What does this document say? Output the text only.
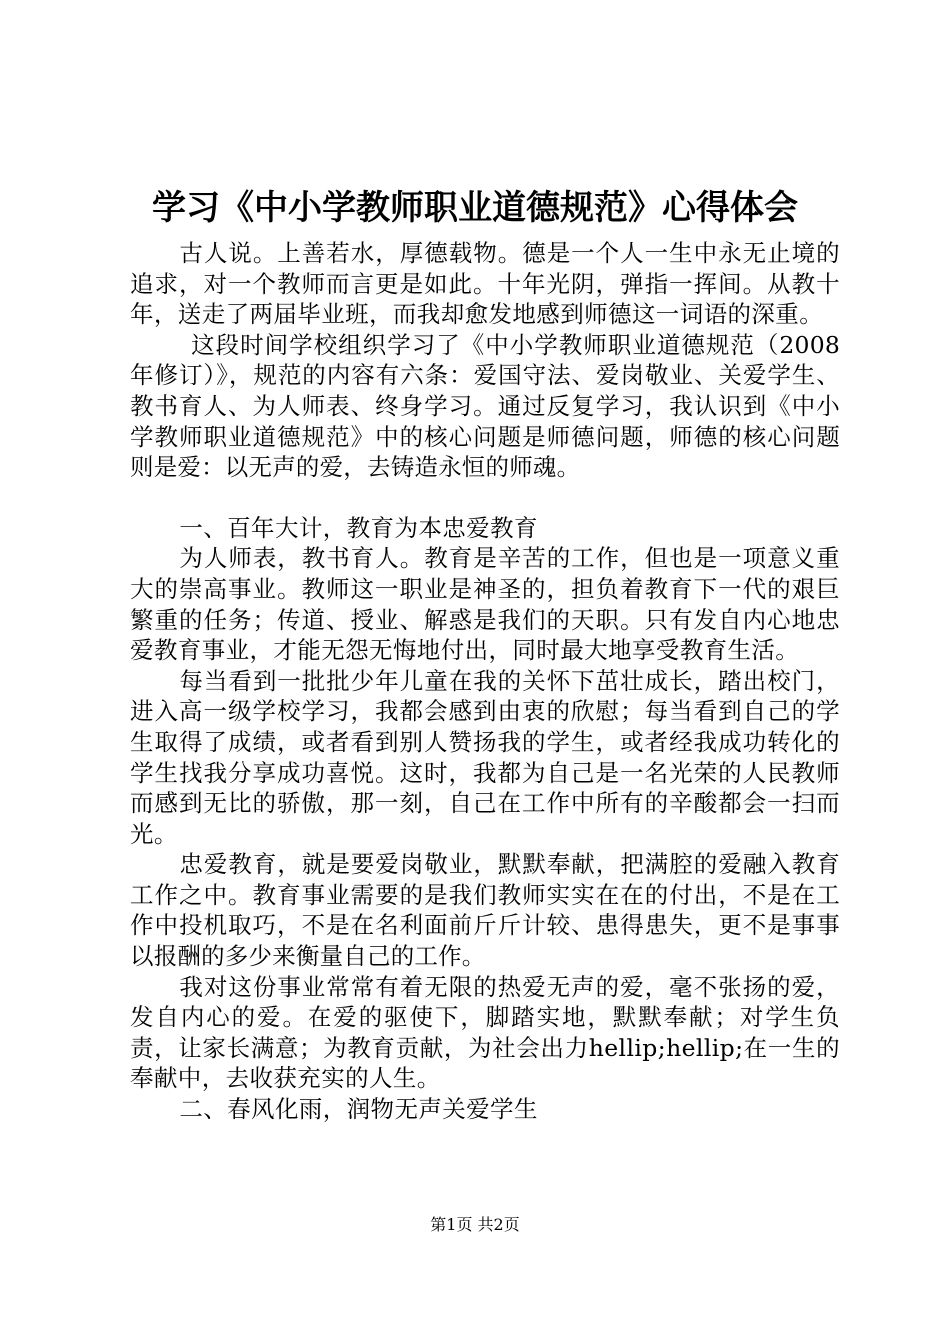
学习《中小学教师职业道德规范》心得体会

古人说。上善若水，厚德载物。德是一个人一生中永无止境的追求，对一个教师而言更是如此。十年光阴，弹指一挥间。从教十年，送走了两届毕业班，而我却愈发地感到师德这一词语的深重。

这段时间学校组织学习了《中小学教师职业道德规范（2008年修订）》，规范的内容有六条：爱国守法、爱岗敬业、关爱学生、教书育人、为人师表、终身学习。通过反复学习，我认识到《中小学教师职业道德规范》中的核心问题是师德问题，师德的核心问题则是爱：以无声的爱，去铸造永恒的师魂。

一、百年大计，教育为本忠爱教育

为人师表，教书育人。教育是辛苦的工作，但也是一项意义重大的崇高事业。教师这一职业是神圣的，担负着教育下一代的艰巨繁重的任务；传道、授业、解惑是我们的天职。只有发自内心地忠爱教育事业，才能无怨无悔地付出，同时最大地享受教育生活。

每当看到一批批少年儿童在我的关怀下茁壮成长，踏出校门，进入高一级学校学习，我都会感到由衷的欣慰；每当看到自己的学生取得了成绩，或者看到别人赞扬我的学生，或者经我成功转化的学生找我分享成功喜悦。这时，我都为自己是一名光荣的人民教师而感到无比的骄傲，那一刻，自己在工作中所有的辛酸都会一扫而光。

忠爱教育，就是要爱岗敬业，默默奉献，把满腔的爱融入教育工作之中。教育事业需要的是我们教师实实在在的付出，不是在工作中投机取巧，不是在名利面前斤斤计较、患得患失，更不是事事以报酬的多少来衡量自己的工作。

我对这份事业常常有着无限的热爱无声的爱，毫不张扬的爱，发自内心的爱。在爱的驱使下，脚踏实地，默默奉献；对学生负责，让家长满意；为教育贡献，为社会出力hellip;hellip;在一生的奉献中，去收获充实的人生。

二、春风化雨，润物无声关爱学生

第1页 共2页
